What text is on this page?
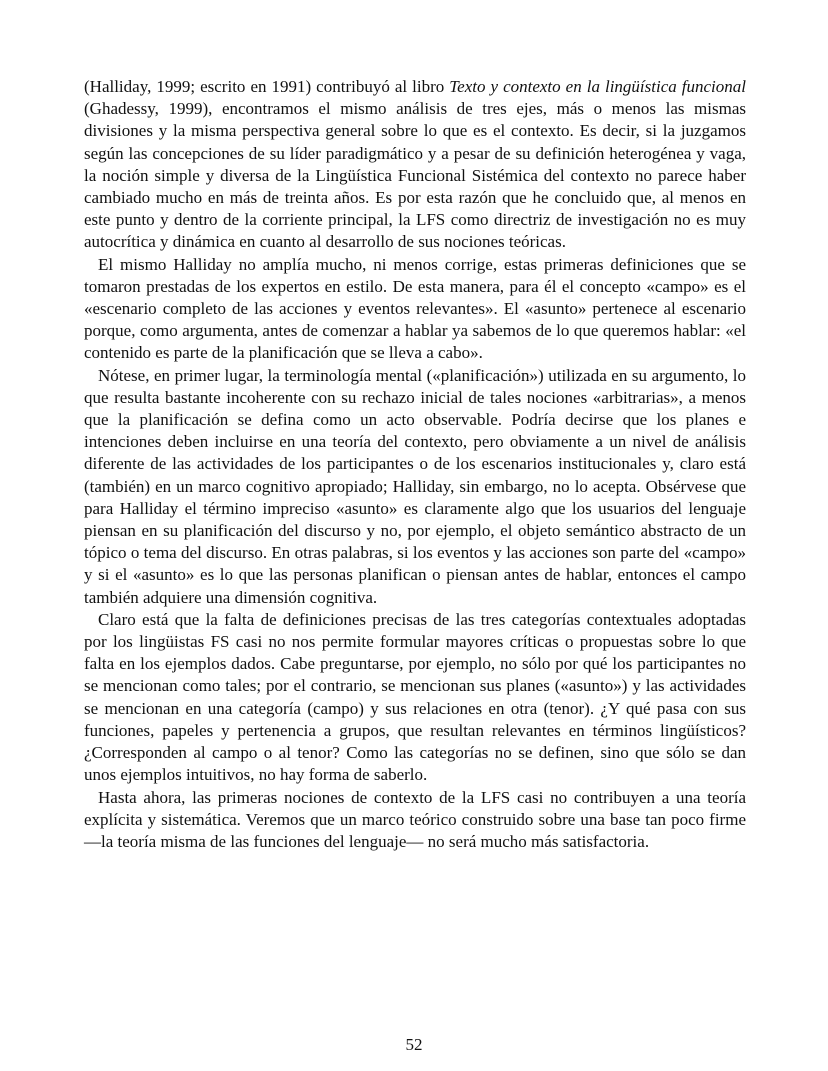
(Halliday, 1999; escrito en 1991) contribuyó al libro Texto y contexto en la lingüística funcional (Ghadessy, 1999), encontramos el mismo análisis de tres ejes, más o menos las mismas divisiones y la misma perspectiva general sobre lo que es el contexto. Es decir, si la juzgamos según las concepciones de su líder paradigmático y a pesar de su definición heterogénea y vaga, la noción simple y diversa de la Lingüística Funcional Sistémica del contexto no parece haber cambiado mucho en más de treinta años. Es por esta razón que he concluido que, al menos en este punto y dentro de la corriente principal, la LFS como directriz de investigación no es muy autocrítica y dinámica en cuanto al desarrollo de sus nociones teóricas.

El mismo Halliday no amplía mucho, ni menos corrige, estas primeras definiciones que se tomaron prestadas de los expertos en estilo. De esta manera, para él el concepto «campo» es el «escenario completo de las acciones y eventos relevantes». El «asunto» pertenece al escenario porque, como argumenta, antes de comenzar a hablar ya sabemos de lo que queremos hablar: «el contenido es parte de la planificación que se lleva a cabo».

Nótese, en primer lugar, la terminología mental («planificación») utilizada en su argumento, lo que resulta bastante incoherente con su rechazo inicial de tales nociones «arbitrarias», a menos que la planificación se defina como un acto observable. Podría decirse que los planes e intenciones deben incluirse en una teoría del contexto, pero obviamente a un nivel de análisis diferente de las actividades de los participantes o de los escenarios institucionales y, claro está (también) en un marco cognitivo apropiado; Halliday, sin embargo, no lo acepta. Obsérvese que para Halliday el término impreciso «asunto» es claramente algo que los usuarios del lenguaje piensan en su planificación del discurso y no, por ejemplo, el objeto semántico abstracto de un tópico o tema del discurso. En otras palabras, si los eventos y las acciones son parte del «campo» y si el «asunto» es lo que las personas planifican o piensan antes de hablar, entonces el campo también adquiere una dimensión cognitiva.

Claro está que la falta de definiciones precisas de las tres categorías contextuales adoptadas por los lingüistas FS casi no nos permite formular mayores críticas o propuestas sobre lo que falta en los ejemplos dados. Cabe preguntarse, por ejemplo, no sólo por qué los participantes no se mencionan como tales; por el contrario, se mencionan sus planes («asunto») y las actividades se mencionan en una categoría (campo) y sus relaciones en otra (tenor). ¿Y qué pasa con sus funciones, papeles y pertenencia a grupos, que resultan relevantes en términos lingüísticos? ¿Corresponden al campo o al tenor? Como las categorías no se definen, sino que sólo se dan unos ejemplos intuitivos, no hay forma de saberlo.

Hasta ahora, las primeras nociones de contexto de la LFS casi no contribuyen a una teoría explícita y sistemática. Veremos que un marco teórico construido sobre una base tan poco firme —la teoría misma de las funciones del lenguaje— no será mucho más satisfactoria.

52
